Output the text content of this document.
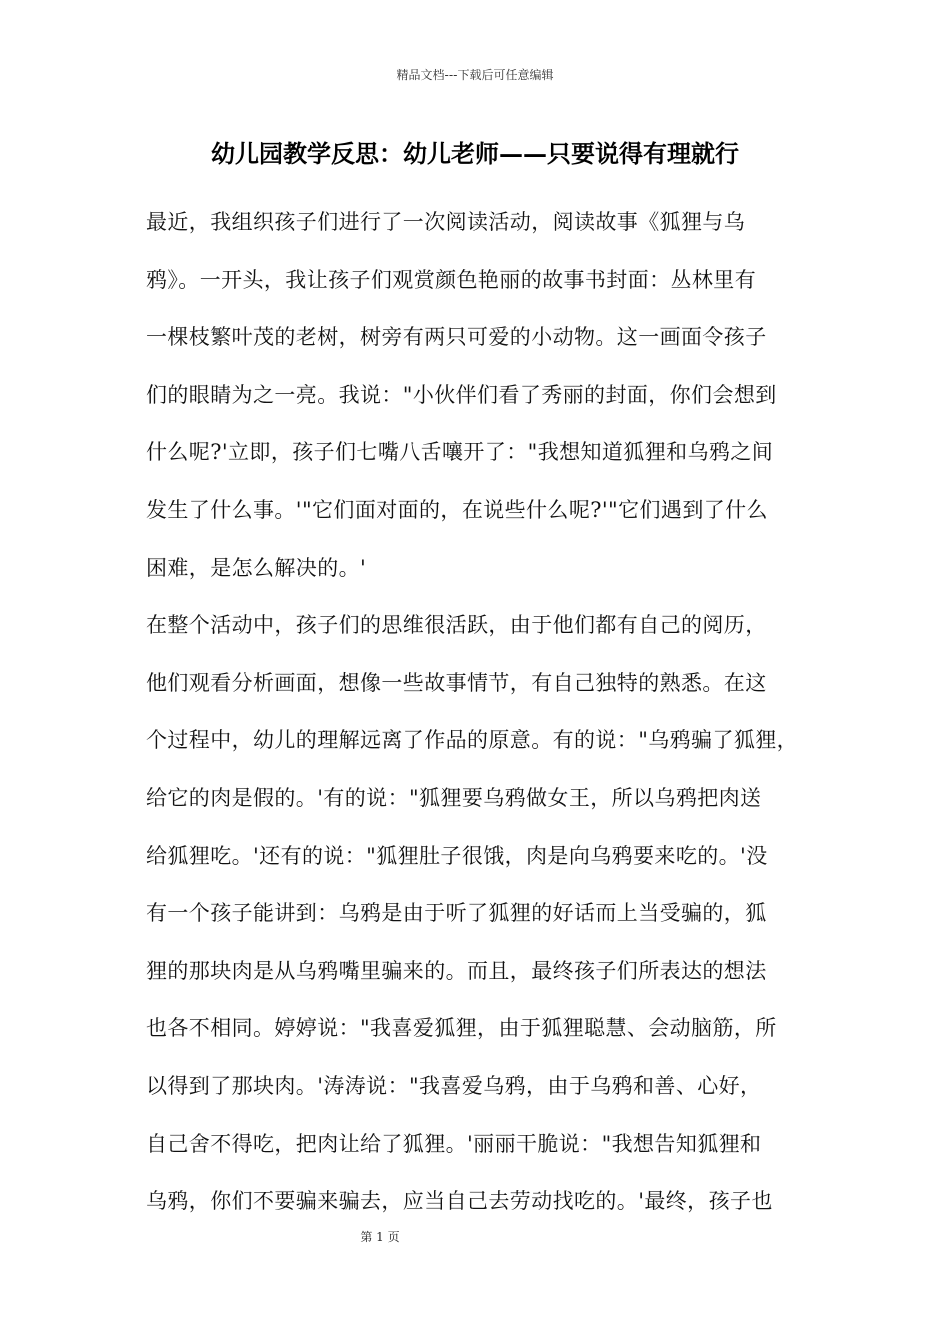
精品文档---下载后可任意编辑
幼儿园教学反思：幼儿老师——只要说得有理就行
最近，我组织孩子们进行了一次阅读活动，阅读故事《狐狸与乌
鸦》。一开头，我让孩子们观赏颜色艳丽的故事书封面：丛林里有
一棵枝繁叶茂的老树，树旁有两只可爱的小动物。这一画面令孩子
们的眼睛为之一亮。我说："小伙伴们看了秀丽的封面，你们会想到
什么呢?'立即，孩子们七嘴八舌嚷开了："我想知道狐狸和乌鸦之间
发生了什么事。'"它们面对面的，在说些什么呢?'"它们遇到了什么
困难，是怎么解决的。'
在整个活动中，孩子们的思维很活跃，由于他们都有自己的阅历，
他们观看分析画面，想像一些故事情节，有自己独特的熟悉。在这
个过程中，幼儿的理解远离了作品的原意。有的说："乌鸦骗了狐狸，
给它的肉是假的。'有的说："狐狸要乌鸦做女王，所以乌鸦把肉送
给狐狸吃。'还有的说："狐狸肚子很饿，肉是向乌鸦要来吃的。'没
有一个孩子能讲到：乌鸦是由于听了狐狸的好话而上当受骗的，狐
狸的那块肉是从乌鸦嘴里骗来的。而且，最终孩子们所表达的想法
也各不相同。婷婷说："我喜爱狐狸，由于狐狸聪慧、会动脑筋，所
以得到了那块肉。'涛涛说："我喜爱乌鸦，由于乌鸦和善、心好，
自己舍不得吃，把肉让给了狐狸。'丽丽干脆说："我想告知狐狸和
乌鸦，你们不要骗来骗去，应当自己去劳动找吃的。'最终，孩子也
第 1 页
